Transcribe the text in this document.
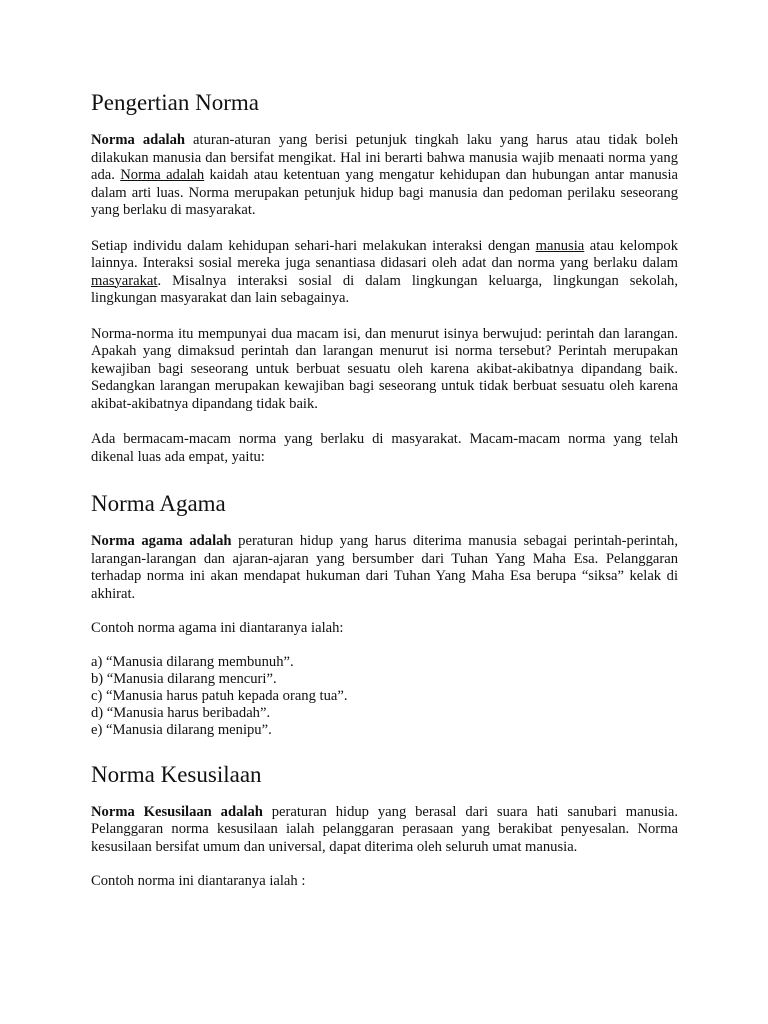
Pengertian Norma

Norma adalah aturan-aturan yang berisi petunjuk tingkah laku yang harus atau tidak boleh dilakukan manusia dan bersifat mengikat. Hal ini berarti bahwa manusia wajib menaati norma yang ada. Norma adalah kaidah atau ketentuan yang mengatur kehidupan dan hubungan antar manusia dalam arti luas. Norma merupakan petunjuk hidup bagi manusia dan pedoman perilaku seseorang yang berlaku di masyarakat.

Setiap individu dalam kehidupan sehari-hari melakukan interaksi dengan manusia atau kelompok lainnya. Interaksi sosial mereka juga senantiasa didasari oleh adat dan norma yang berlaku dalam masyarakat. Misalnya interaksi sosial di dalam lingkungan keluarga, lingkungan sekolah, lingkungan masyarakat dan lain sebagainya.

Norma-norma itu mempunyai dua macam isi, dan menurut isinya berwujud: perintah dan larangan. Apakah yang dimaksud perintah dan larangan menurut isi norma tersebut? Perintah merupakan kewajiban bagi seseorang untuk berbuat sesuatu oleh karena akibat-akibatnya dipandang baik. Sedangkan larangan merupakan kewajiban bagi seseorang untuk tidak berbuat sesuatu oleh karena akibat-akibatnya dipandang tidak baik.

Ada bermacam-macam norma yang berlaku di masyarakat. Macam-macam norma yang telah dikenal luas ada empat, yaitu:

Norma Agama

Norma agama adalah peraturan hidup yang harus diterima manusia sebagai perintah-perintah, larangan-larangan dan ajaran-ajaran yang bersumber dari Tuhan Yang Maha Esa. Pelanggaran terhadap norma ini akan mendapat hukuman dari Tuhan Yang Maha Esa berupa “siksa” kelak di akhirat.

Contoh norma agama ini diantaranya ialah:

a) “Manusia dilarang membunuh”.
b) “Manusia dilarang mencuri”.
c) “Manusia harus patuh kepada orang tua”.
d) “Manusia harus beribadah”.
e) “Manusia dilarang menipu”.
Norma Kesusilaan

Norma Kesusilaan adalah peraturan hidup yang berasal dari suara hati sanubari manusia. Pelanggaran norma kesusilaan ialah pelanggaran perasaan yang berakibat penyesalan. Norma kesusilaan bersifat umum dan universal, dapat diterima oleh seluruh umat manusia.

Contoh norma ini diantaranya ialah :
